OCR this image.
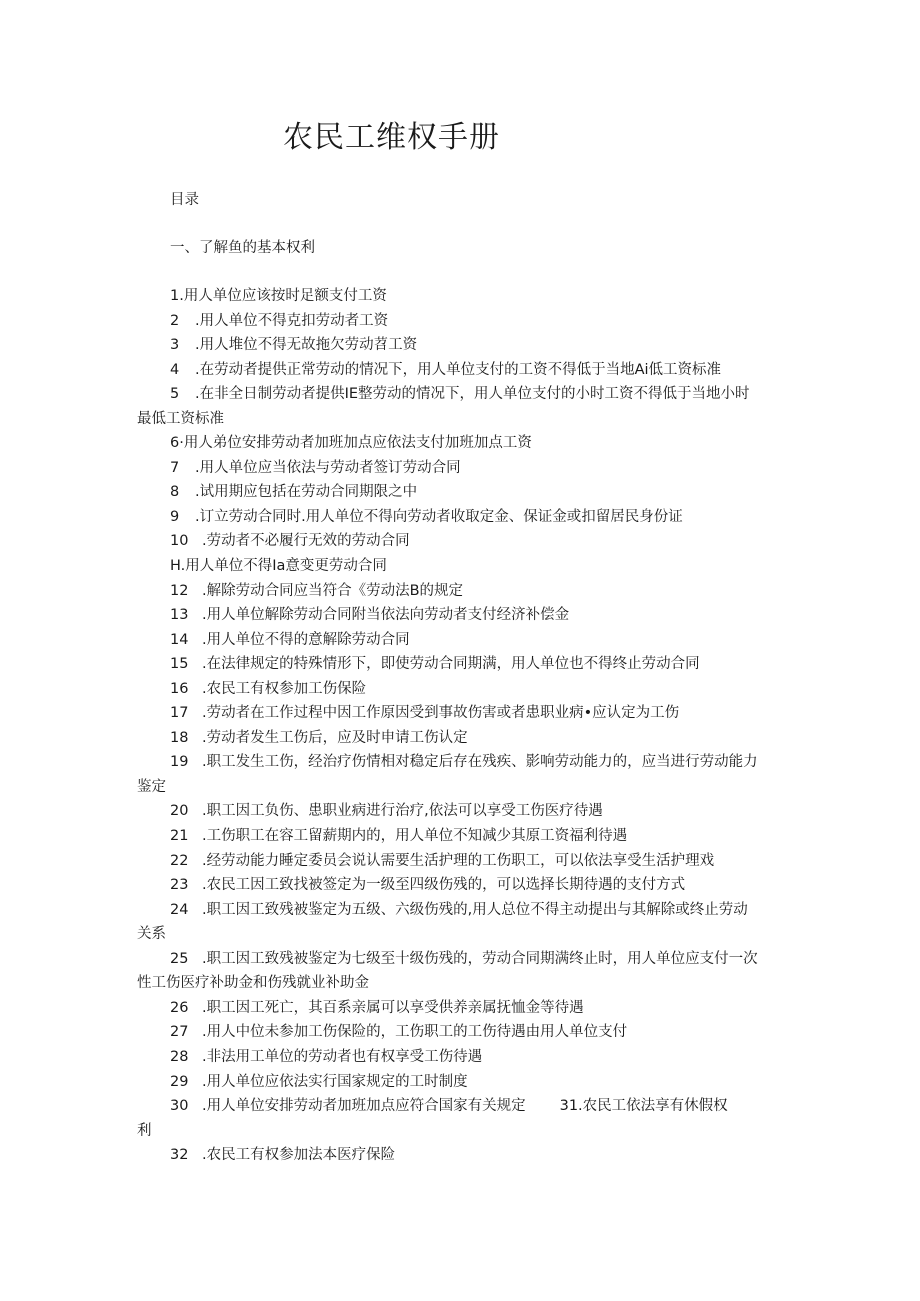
农民工维权手册
目录
一、了解鱼的基本权利
1.用人单位应该按时足额支付工资
2 .用人单位不得克扣劳动者工资
3 .用人堆位不得无故拖欠劳动苕工资
4 .在劳动者提供正常劳动的情况下，用人单位支付的工资不得低于当地Ai低工资标准
5 .在非全日制劳动者提供IE整劳动的情况下，用人单位支付的小时工资不得低于当地小时
最低工资标准
6·用人弟位安排劳动者加班加点应依法支付加班加点工资
7 .用人单位应当依法与劳动者签订劳动合同
8 .试用期应包括在劳动合同期限之中
9 .订立劳动合同时.用人单位不得向劳动者收取定金、保证金或扣留居民身份证
10 .劳动者不必履行无效的劳动合同
H.用人单位不得Ia意变更劳动合同
12 .解除劳动合同应当符合《劳动法B的规定
13 .用人单位解除劳动合同附当依法向劳动者支付经济补偿金
14 .用人单位不得的意解除劳动合同
15 .在法律规定的特殊情形下，即使劳动合同期满，用人单位也不得终止劳动合同
16 .农民工有权参加工伤保险
17 .劳动者在工作过程中因工作原因受到事故伤害或者患职业病•应认定为工伤
18 .劳动者发生工伤后，应及时申请工伤认定
19 .职工发生工伤，经治疗伤情相对稳定后存在残疾、影响劳动能力的，应当进行劳动能力
鉴定
20 .职工因工负伤、患职业病进行治疗,依法可以享受工伤医疗待遇
21 .工伤职工在容工留薪期内的，用人单位不知减少其原工资福利待遇
22 .经劳动能力睡定委员会说认需要生活护理的工伤职工，可以依法享受生活护理戏
23 .农民工因工致找被签定为一级至四级伤残的，可以选择长期待遇的支付方式
24 .职工因工致残被鉴定为五级、六级伤残的,用人总位不得主动提出与其解除或终止劳动
关系
25 .职工因工致残被鉴定为七级至十级伤残的，劳动合同期满终止时，用人单位应支付一次
性工伤医疗补助金和伤残就业补助金
26 .职工因工死亡，其百系亲属可以享受供养亲属抚恤金等待遇
27 .用人中位未参加工伤保险的，工伤职工的工伤待遇由用人单位支付
28 .非法用工单位的劳动者也有权享受工伤待遇
29 .用人单位应依法实行国家规定的工时制度
30 .用人单位安排劳动者加班加点应符合国家有关规定 31.农民工依法享有休假权
利
32 .农民工有权参加法本医疗保险
